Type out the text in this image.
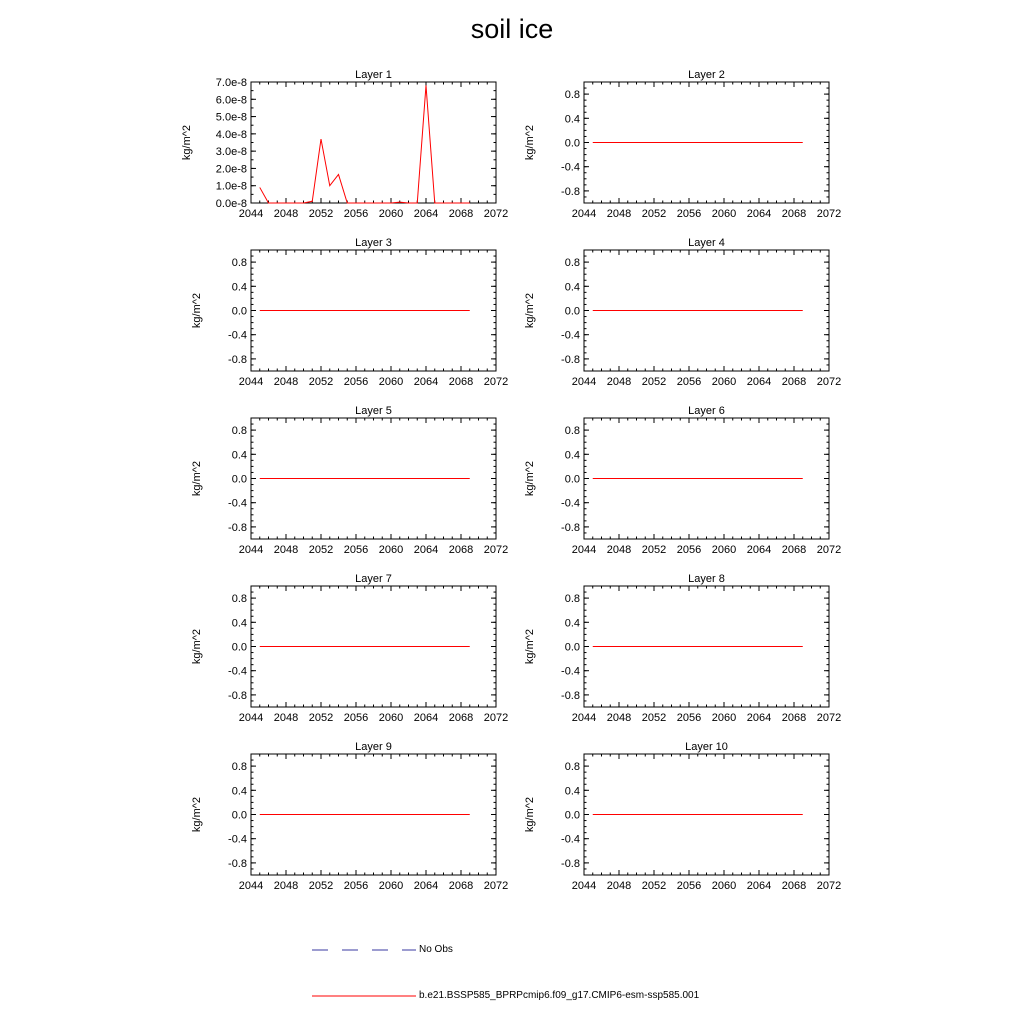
soil ice
Layer 1
kg/m^2
2044 2048 2052 2056 2060 2064 2068 2072
0.0e-8
1.0e-8
2.0e-8
3.0e-8
4.0e-8
5.0e-8
6.0e-8
7.0e-8
Layer 2
kg/m^2
2044 2048 2052 2056 2060 2064 2068 2072
-0.8
-0.4
0.0
0.4
0.8
Layer 3
kg/m^2
2044 2048 2052 2056 2060 2064 2068 2072
-0.8
-0.4
0.0
0.4
0.8
Layer 4
kg/m^2
2044 2048 2052 2056 2060 2064 2068 2072
-0.8
-0.4
0.0
0.4
0.8
Layer 5
kg/m^2
2044 2048 2052 2056 2060 2064 2068 2072
-0.8
-0.4
0.0
0.4
0.8
Layer 6
kg/m^2
2044 2048 2052 2056 2060 2064 2068 2072
-0.8
-0.4
0.0
0.4
0.8
Layer 7
kg/m^2
2044 2048 2052 2056 2060 2064 2068 2072
-0.8
-0.4
0.0
0.4
0.8
Layer 8
kg/m^2
2044 2048 2052 2056 2060 2064 2068 2072
-0.8
-0.4
0.0
0.4
0.8
Layer 9
kg/m^2
2044 2048 2052 2056 2060 2064 2068 2072
-0.8
-0.4
0.0
0.4
0.8
Layer 10
kg/m^2
2044 2048 2052 2056 2060 2064 2068 2072
-0.8
-0.4
0.0
0.4
0.8
No Obs
b.e21.BSSP585_BPRPcmip6.f09_g17.CMIP6-esm-ssp585.001
